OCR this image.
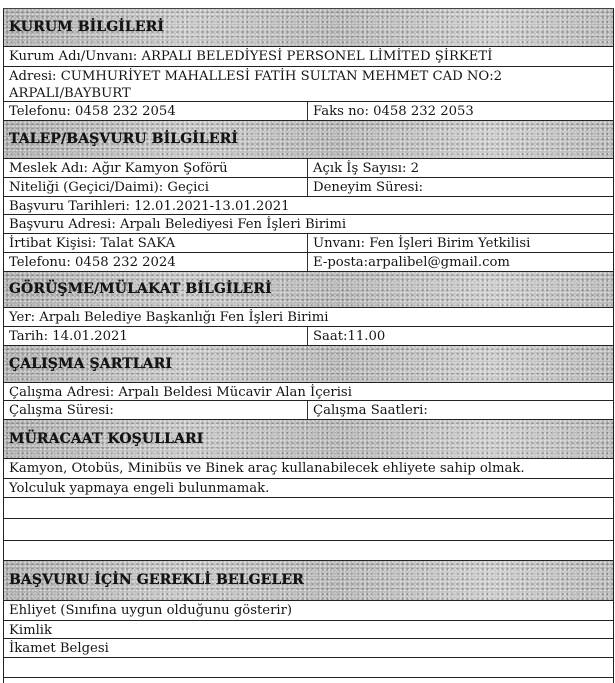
KURUM BİLGİLERİ
Kurum Adı/Unvanı: ARPALI BELEDİYESİ PERSONEL LİMİTED ŞİRKETİ
Adresi: CUMHURİYET MAHALLESİ FATİH SULTAN MEHMET CAD NO:2
ARPALI/BAYBURT
Telefonu: 0458 232 2054	Faks no: 0458 232 2053
TALEP/BAŞVURU BİLGİLERİ
Meslek Adı: Ağır Kamyon Şoförü	Açık İş Sayısı: 2
Niteliği (Geçici/Daimi): Geçici	Deneyim Süresi:
Başvuru Tarihleri: 12.01.2021-13.01.2021
Başvuru Adresi: Arpalı Belediyesi Fen İşleri Birimi
İrtibat Kişisi: Talat SAKA	Unvanı: Fen İşleri Birim Yetkilisi
Telefonu: 0458 232 2024	E-posta:arpalibel@gmail.com
GÖRÜŞME/MÜLAKAT BİLGİLERİ
Yer: Arpalı Belediye Başkanlığı Fen İşleri Birimi
Tarih: 14.01.2021	Saat:11.00
ÇALIŞMA ŞARTLARI
Çalışma Adresi: Arpalı Beldesi Mücavir Alan İçerisi
Çalışma Süresi:	Çalışma Saatleri:
MÜRACAAT KOŞULLARI
Kamyon, Otobüs, Minibüs ve Binek araç kullanabilecek ehliyete sahip olmak.
Yolculuk yapmaya engeli bulunmamak.
BAŞVURU İÇİN GEREKLİ BELGELER
Ehliyet (Sınıfına uygun olduğunu gösterir)
Kimlik
İkamet Belgesi
